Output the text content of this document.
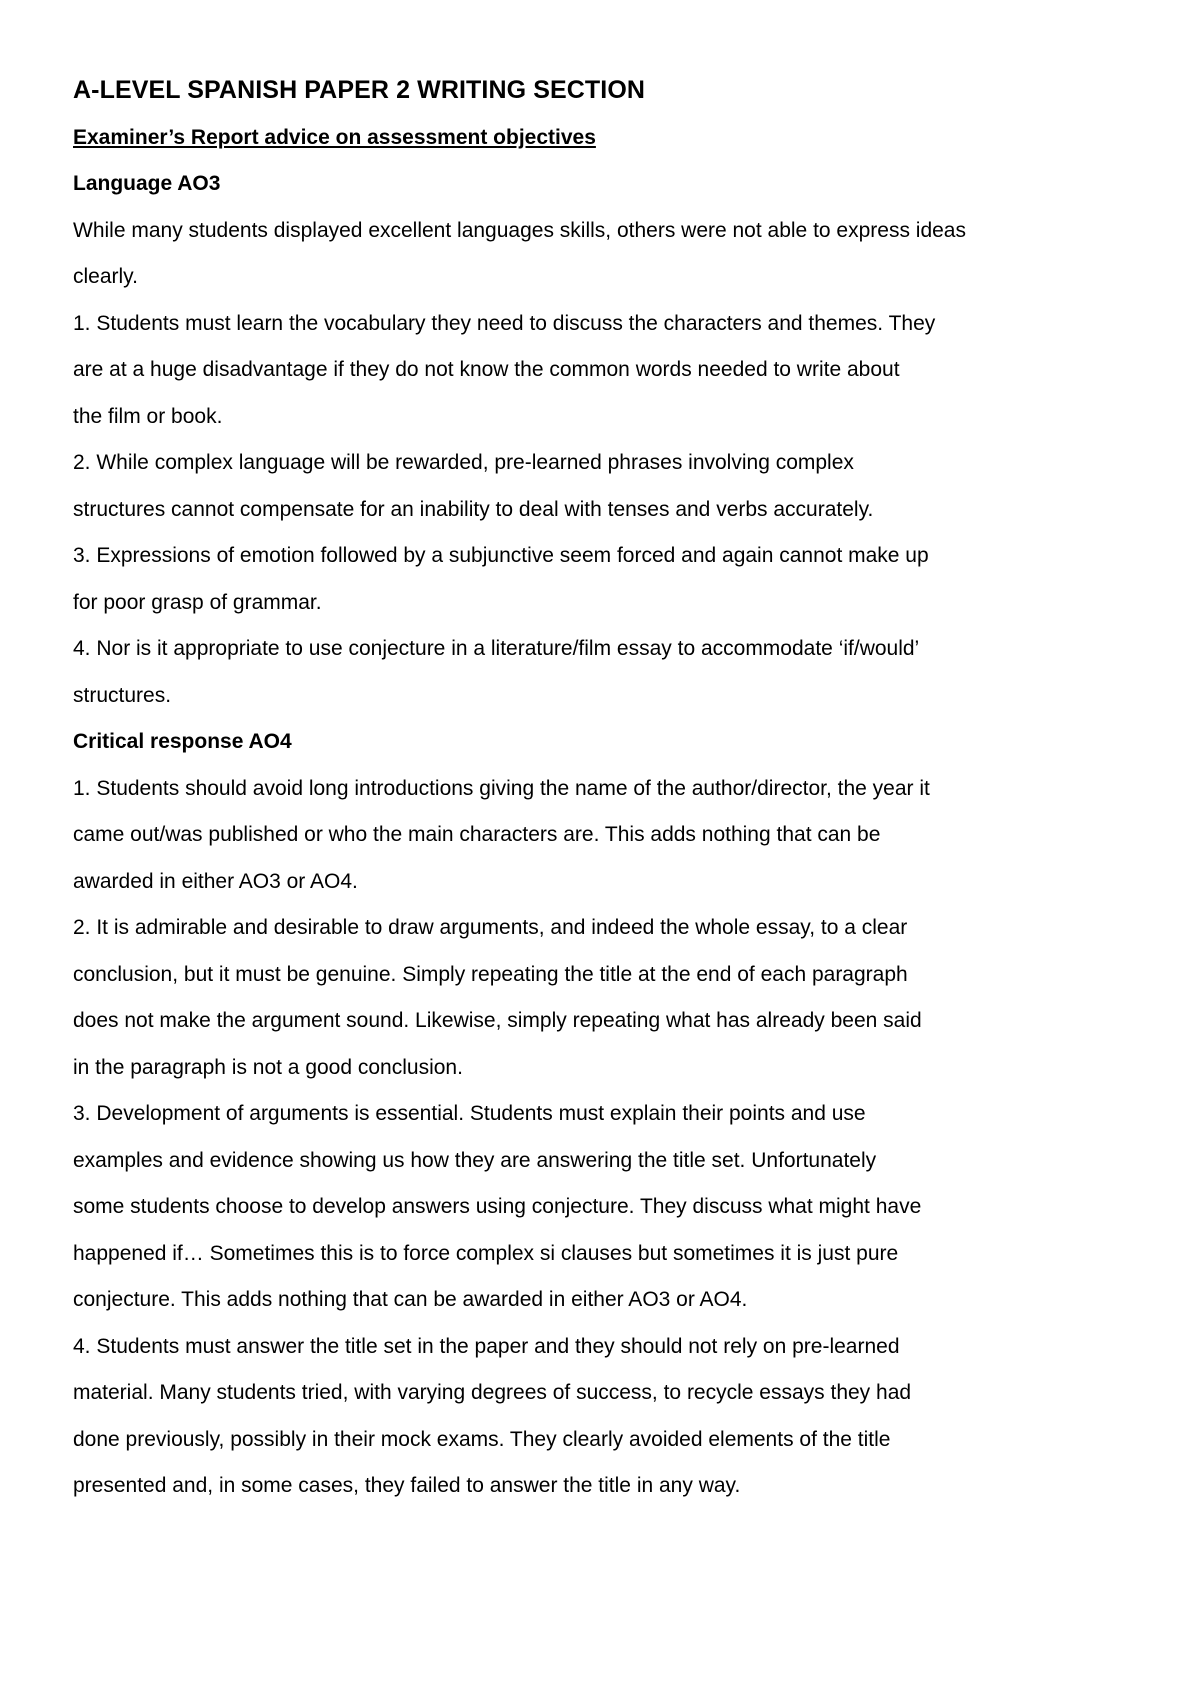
A-LEVEL SPANISH PAPER 2 WRITING SECTION
Examiner’s Report advice on assessment objectives
Language AO3
While many students displayed excellent languages skills, others were not able to express ideas
clearly.
1. Students must learn the vocabulary they need to discuss the characters and themes. They
are at a huge disadvantage if they do not know the common words needed to write about
the film or book.
2. While complex language will be rewarded, pre-learned phrases involving complex
structures cannot compensate for an inability to deal with tenses and verbs accurately.
3. Expressions of emotion followed by a subjunctive seem forced and again cannot make up
for poor grasp of grammar.
4. Nor is it appropriate to use conjecture in a literature/film essay to accommodate ‘if/would’
structures.
Critical response AO4
1. Students should avoid long introductions giving the name of the author/director, the year it
came out/was published or who the main characters are. This adds nothing that can be
awarded in either AO3 or AO4.
2. It is admirable and desirable to draw arguments, and indeed the whole essay, to a clear
conclusion, but it must be genuine. Simply repeating the title at the end of each paragraph
does not make the argument sound. Likewise, simply repeating what has already been said
in the paragraph is not a good conclusion.
3. Development of arguments is essential. Students must explain their points and use
examples and evidence showing us how they are answering the title set. Unfortunately
some students choose to develop answers using conjecture. They discuss what might have
happened if… Sometimes this is to force complex si clauses but sometimes it is just pure
conjecture. This adds nothing that can be awarded in either AO3 or AO4.
4. Students must answer the title set in the paper and they should not rely on pre-learned
material. Many students tried, with varying degrees of success, to recycle essays they had
done previously, possibly in their mock exams. They clearly avoided elements of the title
presented and, in some cases, they failed to answer the title in any way.
